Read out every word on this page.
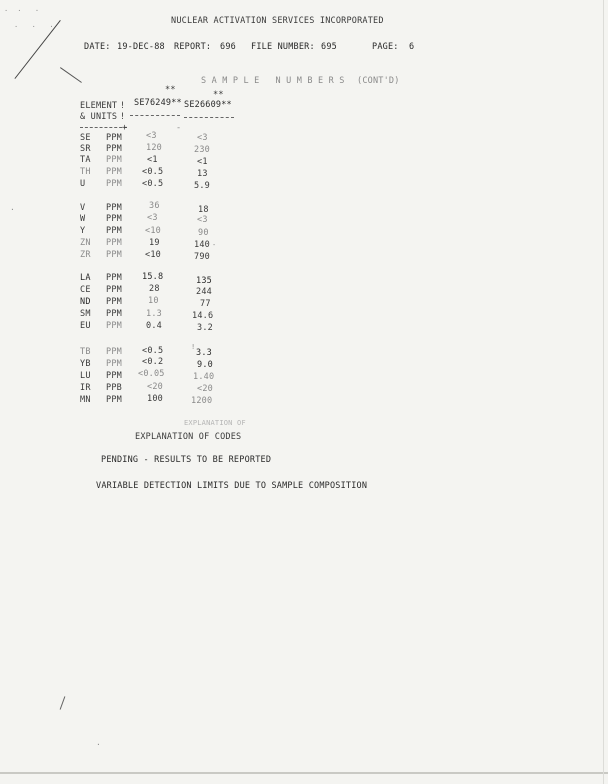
·  ·   ·
·   ·   ·
·
·
NUCLEAR ACTIVATION SERVICES INCORPORATED
DATE: 19-DEC-88 REPORT: 696 FILE NUMBER: 695	PAGE: 6
S A M P L E   N U M B E R S (CONT'D)
**	**
ELEMENT ! SE76249** SE26609**
& UNITS !
+	-
SE PPM	<3	<3
SR PPM	120	230
TA PPM	<1	<1
TH PPM <0.5	13
U PPM <0.5	5.9
V PPM	36	18
W PPM	<3	<3
Y PPM	<10	90
ZN PPM	19	140
ZR PPM	<10	790
LA PPM 15.8	135
CE PPM	28	244
ND PPM	10	77
SM PPM	1.3	14.6
EU PPM	0.4	3.2
TB PPM <0.5	3.3
YB PPM <0.2	9.0
LU PPM <0.05	1.40
IR PPB	<20	<20
MN PPM	100	1200
!
-
EXPLANATION OF
EXPLANATION OF CODES
PENDING - RESULTS TO BE REPORTED
VARIABLE DETECTION LIMITS DUE TO SAMPLE COMPOSITION
